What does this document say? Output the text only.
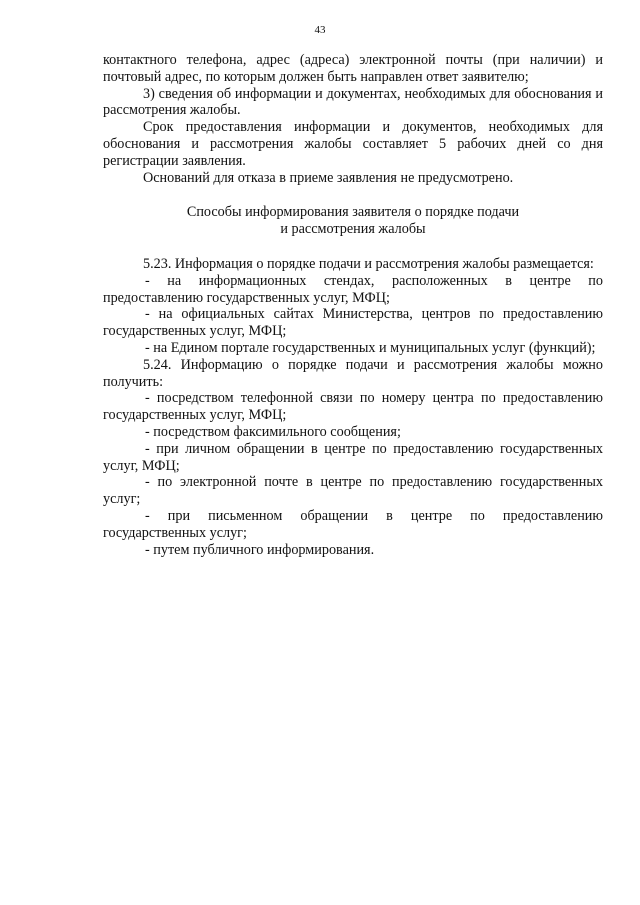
43

контактного телефона, адрес (адреса) электронной почты (при наличии) и почтовый адрес, по которым должен быть направлен ответ заявителю;

3) сведения об информации и документах, необходимых для обоснования и рассмотрения жалобы.

Срок предоставления информации и документов, необходимых для обоснования и рассмотрения жалобы составляет 5 рабочих дней со дня регистрации заявления.

Оснований для отказа в приеме заявления не предусмотрено.

Способы информирования заявителя о порядке подачи
и рассмотрения жалобы

5.23. Информация о порядке подачи и рассмотрения жалобы размещается:

- на информационных стендах, расположенных в центре по предоставлению государственных услуг, МФЦ;

- на официальных сайтах Министерства, центров по предоставлению государственных услуг, МФЦ;

- на Едином портале государственных и муниципальных услуг (функций);

5.24. Информацию о порядке подачи и рассмотрения жалобы можно получить:

- посредством телефонной связи по номеру центра по предоставлению государственных услуг, МФЦ;

- посредством факсимильного сообщения;

- при личном обращении в центре по предоставлению государственных услуг, МФЦ;

- по электронной почте в центре по предоставлению государственных услуг;

- при письменном обращении в центре по предоставлению государственных услуг;

- путем публичного информирования.
